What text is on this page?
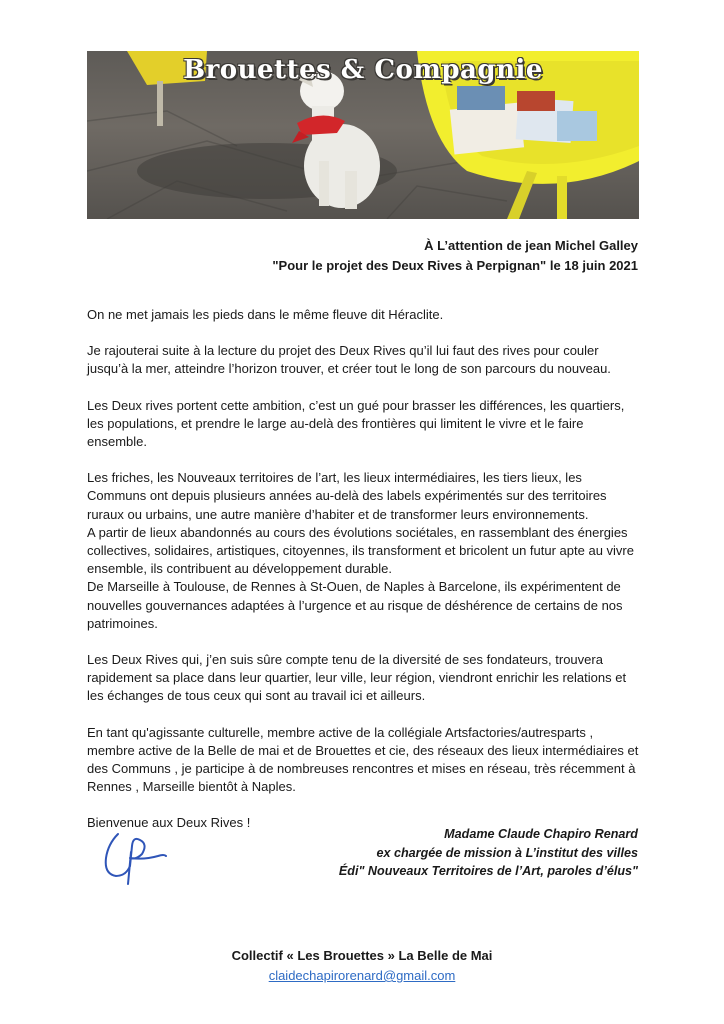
Brouettes & Compagnie
À L’attention de jean Michel Galley
"Pour le projet des Deux Rives à Perpignan" le 18 juin 2021

On ne met jamais les pieds dans le même fleuve dit Héraclite.

Je rajouterai suite à la lecture du projet des Deux Rives qu’il lui faut des rives pour couler jusqu’à la mer, atteindre l’horizon trouver, et créer tout le long de son parcours du nouveau.

Les Deux rives portent cette ambition, c’est un gué pour brasser les différences, les quartiers, les populations, et prendre le large au-delà des frontières qui limitent le vivre et le faire ensemble.

Les friches, les Nouveaux territoires de l’art, les lieux intermédiaires, les tiers lieux, les Communs ont depuis plusieurs années au-delà des labels expérimentés sur des territoires ruraux ou urbains, une autre manière d’habiter et de transformer leurs environnements.

A partir de lieux abandonnés au cours des évolutions sociétales, en rassemblant des énergies collectives, solidaires, artistiques, citoyennes, ils transforment et bricolent un futur apte au vivre ensemble, ils contribuent au développement durable.

De Marseille à Toulouse, de Rennes à St-Ouen, de Naples à Barcelone, ils expérimentent de nouvelles gouvernances adaptées à l’urgence et au risque de déshérence de certains de nos patrimoines.

Les Deux Rives qui, j’en suis sûre compte tenu de la diversité de ses fondateurs, trouvera rapidement sa place dans leur quartier, leur ville, leur région, viendront enrichir les relations et les échanges de tous ceux qui sont au travail ici et ailleurs.

En tant qu'agissante culturelle, membre active de la collégiale Artsfactories/autresparts , membre active de la Belle de mai et de Brouettes et cie, des réseaux des lieux intermédiaires et des Communs , je participe à de nombreuses rencontres et mises en réseau, très récemment à Rennes , Marseille bientôt à Naples.

Bienvenue aux Deux Rives !

Madame Claude Chapiro Renard
ex chargée de mission à L’institut des villes
Édi" Nouveaux Territoires de l’Art, paroles d’élus"
Collectif « Les Brouettes » La Belle de Mai
claidechapirorenard@gmail.com
